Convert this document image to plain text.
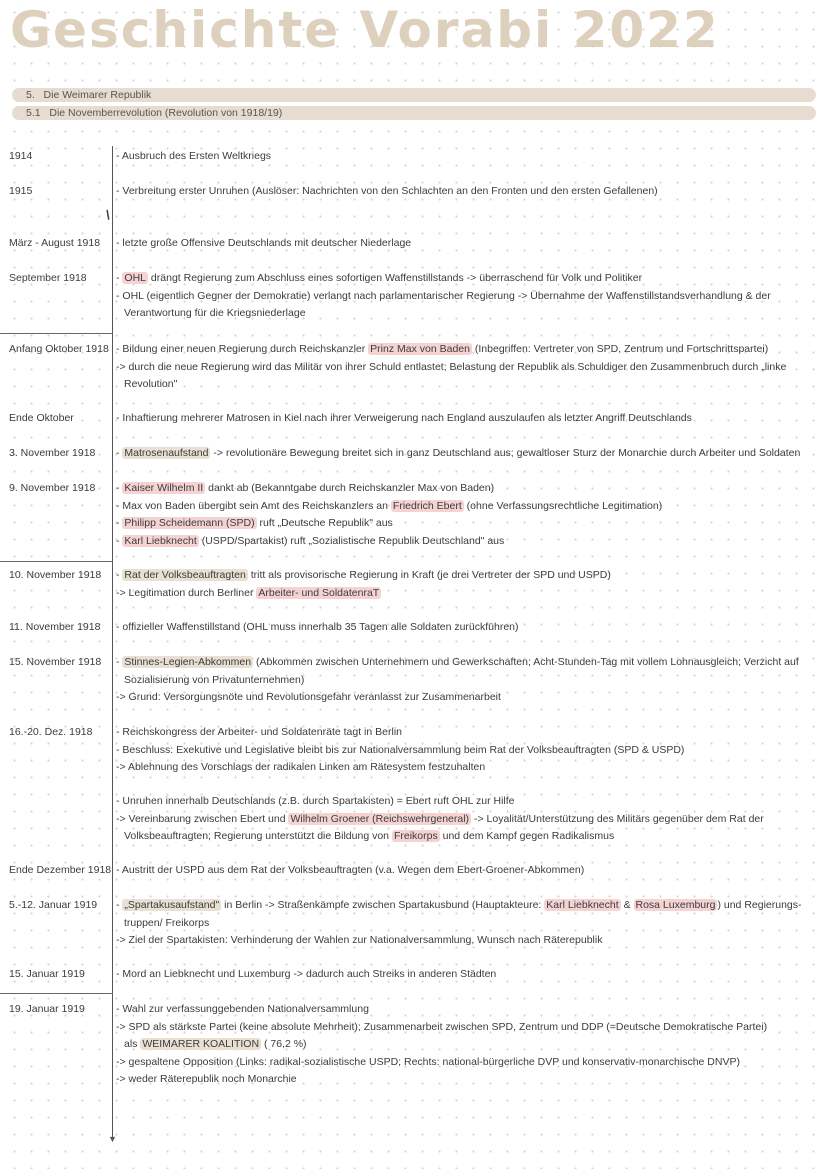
Geschichte Vorabi 2022
5. Die Weimarer Republik
5.1 Die Novemberrevolution (Revolution von 1918/19)
▼
//
1914	- Ausbruch des Ersten Weltkriegs
1915	- Verbreitung erster Unruhen (Auslöser: Nachrichten von den Schlachten an den Fronten und den ersten Gefallenen)
März - August 1918	- letzte große Offensive Deutschlands mit deutscher Niederlage
September 1918	- OHL drängt Regierung zum Abschluss eines sofortigen Waffenstillstands -> überraschend für Volk und Politiker
- OHL (eigentlich Gegner der Demokratie) verlangt nach parlamentarischer Regierung -> Übernahme der Waffenstillstandsverhandlung & der
Verantwortung für die Kriegsniederlage
Anfang Oktober 1918 - Bildung einer neuen Regierung durch Reichskanzler Prinz Max von Baden (Inbegriffen: Vertreter von SPD, Zentrum und Fortschrittspartei)
-> durch die neue Regierung wird das Militär von ihrer Schuld entlastet; Belastung der Republik als Schuldiger den Zusammenbruch durch „linke
Revolution"
Ende Oktober	- Inhaftierung mehrerer Matrosen in Kiel nach ihrer Verweigerung nach England auszulaufen als letzter Angriff Deutschlands
3. November 1918	- Matrosenaufstand -> revolutionäre Bewegung breitet sich in ganz Deutschland aus; gewaltloser Sturz der Monarchie durch Arbeiter und Soldaten
9. November 1918	- Kaiser Wilhelm II dankt ab (Bekanntgabe durch Reichskanzler Max von Baden)
- Max von Baden übergibt sein Amt des Reichskanzlers an Friedrich Ebert (ohne Verfassungsrechtliche Legitimation)
- Philipp Scheidemann (SPD) ruft „Deutsche Republik" aus
- Karl Liebknecht (USPD/Spartakist) ruft „Sozialistische Republik Deutschland" aus
10. November 1918	- Rat der Volksbeauftragten tritt als provisorische Regierung in Kraft (je drei Vertreter der SPD und USPD)
-> Legitimation durch Berliner Arbeiter- und SoldatenraT
11. November 1918	- offizieller Waffenstillstand (OHL muss innerhalb 35 Tagen alle Soldaten zurückführen)
15. November 1918	- Stinnes-Legien-Abkommen (Abkommen zwischen Unternehmern und Gewerkschaften; Acht-Stunden-Tag mit vollem Lohnausgleich; Verzicht auf
Sozialisierung von Privatunternehmen)
-> Grund: Versorgungsnöte und Revolutionsgefahr veranlasst zur Zusammenarbeit
16.-20. Dez. 1918	- Reichskongress der Arbeiter- und Soldatenräte tagt in Berlin
- Beschluss: Exekutive und Legislative bleibt bis zur Nationalversammlung beim Rat der Volksbeauftragten (SPD & USPD)
-> Ablehnung des Vorschlags der radikalen Linken am Rätesystem festzuhalten
- Unruhen innerhalb Deutschlands (z.B. durch Spartakisten) = Ebert ruft OHL zur Hilfe
-> Vereinbarung zwischen Ebert und Wilhelm Groener (Reichswehrgeneral) -> Loyalität/Unterstützung des Militärs gegenüber dem Rat der
Volksbeauftragten; Regierung unterstützt die Bildung von Freikorps und dem Kampf gegen Radikalismus
Ende Dezember 1918 - Austritt der USPD aus dem Rat der Volksbeauftragten (v.a. Wegen dem Ebert-Groener-Abkommen)
5.-12. Januar 1919	- „Spartakusaufstand" in Berlin -> Straßenkämpfe zwischen Spartakusbund (Hauptakteure: Karl Liebknecht & Rosa Luxemburg ) und Regierungs-
truppen/ Freikorps
-> Ziel der Spartakisten: Verhinderung der Wahlen zur Nationalversammlung, Wunsch nach Räterepublik
15. Januar 1919	- Mord an Liebknecht und Luxemburg -> dadurch auch Streiks in anderen Städten
19. Januar 1919	- Wahl zur verfassunggebenden Nationalversammlung
-> SPD als stärkste Partei (keine absolute Mehrheit); Zusammenarbeit zwischen SPD, Zentrum und DDP (=Deutsche Demokratische Partei)
als WEIMARER KOALITION ( 76,2 %)
-> gespaltene Opposition (Links: radikal-sozialistische USPD; Rechts: national-bürgerliche DVP und konservativ-monarchische DNVP)
-> weder Räterepublik noch Monarchie
